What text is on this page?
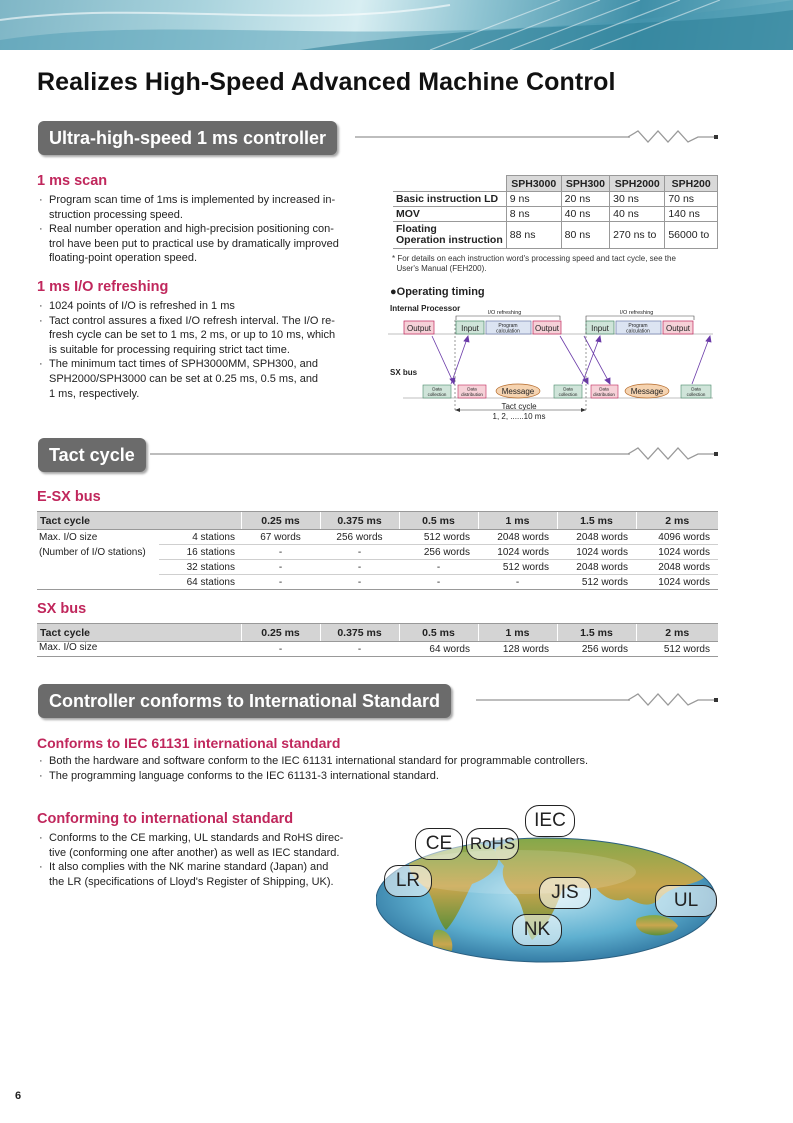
Realizes High-Speed Advanced Machine Control
Ultra-high-speed 1 ms controller
1 ms scan
· Program scan time of 1ms is implemented by increased in-
struction processing speed.
· Real number operation and high-precision positioning con-
trol have been put to practical use by dramatically improved
floating-point operation speed.
1 ms I/O refreshing
· 1024 points of I/O is refreshed in 1 ms
· Tact control assures a fixed I/O refresh interval. The I/O re-
fresh cycle can be set to 1 ms, 2 ms, or up to 10 ms, which
is suitable for processing requiring strict tact time.
· The minimum tact times of SPH3000MM, SPH300, and
SPH2000/SPH3000 can be set at 0.25 ms, 0.5 ms, and
1 ms, respectively.
	SPH3000	SPH300	SPH2000	SPH200
Basic instruction LD	9 ns	20 ns	30 ns	70 ns
MOV	8 ns	40 ns	40 ns	140 ns
Floating
Operation instruction	88 ns	80 ns	270 ns to	56000 to
* For details on each instruction word's processing speed and tact cycle, see the
User's Manual (FEH200).
●Operating timing
Internal Processor	I/O refreshing	I/O refreshing
Output	Input	Program
calculation Output	Input	Program
calculation Output
SX bus
Data
collection
Data
distribution Message	Data
collection
Data
distribution Message	Data
collection
Tact cycle
1, 2, ......10 ms
Tact cycle
E-SX bus
Tact cycle		0.25 ms	0.375 ms	0.5 ms	1 ms	1.5 ms	2 ms

Max. I/O size
(Number of I/O stations)	4 stations	67 words	256 words	512 words	2048 words	2048 words	4096 words
	16 stations	-	-	256 words	1024 words	1024 words	1024 words
	32 stations	-	-	-	512 words	2048 words	2048 words
	64 stations	-	-	-	-	512 words	1024 words
SX bus
Tact cycle	0.25 ms	0.375 ms	0.5 ms	1 ms	1.5 ms	2 ms
Max. I/O size	-	-	64 words	128 words	256 words	512 words
Controller conforms to International Standard
Conforms to IEC 61131 international standard
· Both the hardware and software conform to the IEC 61131 international standard for programmable controllers.
· The programming language conforms to the IEC 61131-3 international standard.
Conforming to international standard
· Conforms to the CE marking, UL standards and RoHS direc-
tive (conforming one after another) as well as IEC standard.
· It also complies with the NK marine standard (Japan) and
the LR (specifications of Lloyd's Register of Shipping, UK).
IEC
CE	RoHS
LR
JIS
NK
UL
6
